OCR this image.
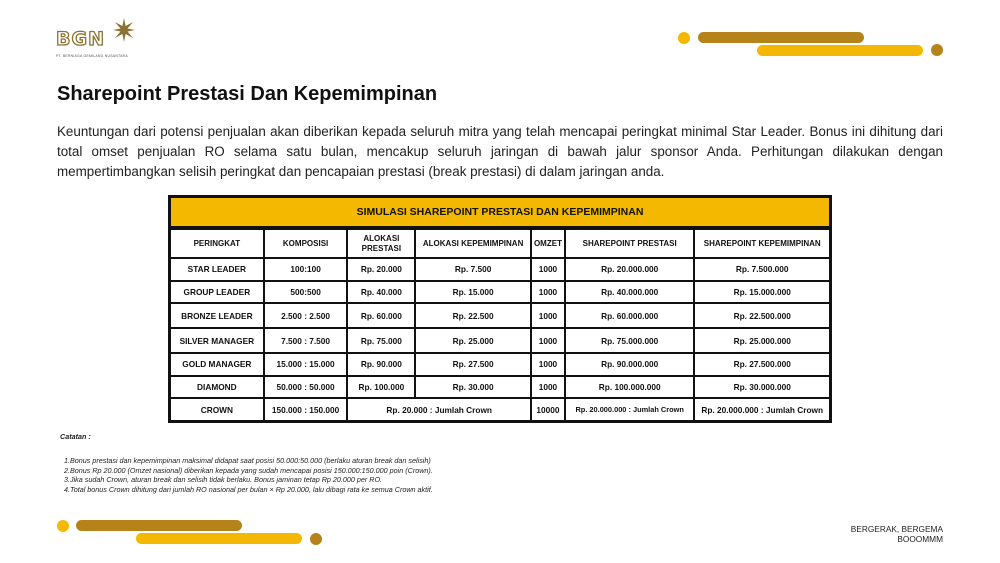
BGN
PT. BERNIAGA GEMILANG NUSANTARA
Sharepoint Prestasi Dan Kepemimpinan

Keuntungan dari potensi penjualan akan diberikan kepada seluruh mitra yang telah mencapai peringkat minimal Star Leader. Bonus ini dihitung dari total omset penjualan RO selama satu bulan, mencakup seluruh jaringan di bawah jalur sponsor Anda. Perhitungan dilakukan dengan mempertimbangkan selisih peringkat dan pencapaian prestasi (break prestasi) di dalam jaringan anda.

SIMULASI SHAREPOINT PRESTASI DAN KEPEMIMPINAN						
PERINGKAT	KOMPOSISI	ALOKASI PRESTASI	ALOKASI KEPEMIMPINAN	OMZET	SHAREPOINT PRESTASI	SHAREPOINT KEPEMIMPINAN
STAR LEADER	100:100	Rp. 20.000	Rp. 7.500	1000	Rp. 20.000.000	Rp. 7.500.000
GROUP LEADER	500:500	Rp. 40.000	Rp. 15.000	1000	Rp. 40.000.000	Rp. 15.000.000
BRONZE LEADER	2.500 : 2.500	Rp. 60.000	Rp. 22.500	1000	Rp. 60.000.000	Rp. 22.500.000
SILVER MANAGER	7.500 : 7.500	Rp. 75.000	Rp. 25.000	1000	Rp. 75.000.000	Rp. 25.000.000
GOLD MANAGER	15.000 : 15.000	Rp. 90.000	Rp. 27.500	1000	Rp. 90.000.000	Rp. 27.500.000
DIAMOND	50.000 : 50.000	Rp. 100.000	Rp. 30.000	1000	Rp. 100.000.000	Rp. 30.000.000
CROWN	150.000 : 150.000	Rp. 20.000 : Jumlah Crown		10000	Rp. 20.000.000 : Jumlah Crown	Rp. 20.000.000 : Jumlah Crown
Catatan :
1.Bonus prestasi dan kepemimpinan maksimal didapat saat posisi 50.000:50.000 (berlaku aturan break dan selisih)
2.Bonus Rp 20.000 (Omzet nasional) diberikan kepada yang sudah mencapai posisi 150.000:150.000 poin (Crown).
3.Jika sudah Crown, aturan break dan selisih tidak berlaku. Bonus jaminan tetap Rp 20.000 per RO.
4.Total bonus Crown dihitung dari jumlah RO nasional per bulan × Rp 20.000, lalu dibagi rata ke semua Crown aktif.
BERGERAK, BERGEMA
BOOOMMM
